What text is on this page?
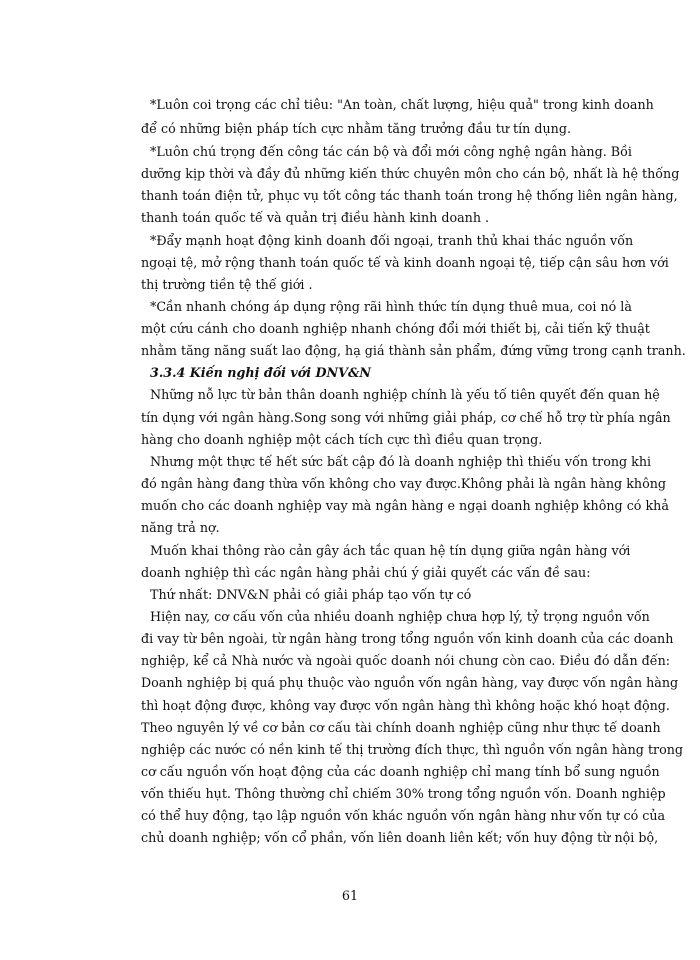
*Luôn coi trọng các chỉ tiêu: "An toàn, chất lượng, hiệu quả" trong kinh doanh
để có những biện pháp tích cực nhằm tăng trưởng đầu tư tín dụng.
*Luôn chú trọng đến công tác cán bộ và đổi mới công nghệ ngân hàng. Bồi
dưỡng kịp thời và đầy đủ những kiến thức chuyên môn cho cán bộ, nhất là hệ thống
thanh toán điện tử, phục vụ tốt công tác thanh toán trong hệ thống liên ngân hàng,
thanh toán quốc tế và quản trị điều hành kinh doanh .
*Đẩy mạnh hoạt động kinh doanh đối ngoại, tranh thủ khai thác nguồn vốn
ngoại tệ, mở rộng thanh toán quốc tế và kinh doanh ngoại tệ, tiếp cận sâu hơn với
thị trường tiền tệ thế giới .
*Cần nhanh chóng áp dụng rộng rãi hình thức tín dụng thuê mua, coi nó là
một cứu cánh cho doanh nghiệp nhanh chóng đổi mới thiết bị, cải tiến kỹ thuật
nhằm tăng năng suất lao động, hạ giá thành sản phẩm, đứng vững trong cạnh tranh.
3.3.4 Kiến nghị đối với DNV&N
Những nỗ lực từ bản thân doanh nghiệp chính là yếu tố tiên quyết đến quan hệ
tín dụng với ngân hàng.Song song với những giải pháp, cơ chế hỗ trợ từ phía ngân
hàng cho doanh nghiệp một cách tích cực thì điều quan trọng.
Nhưng một thực tế hết sức bất cập đó là doanh nghiệp thì thiếu vốn trong khi
đó ngân hàng đang thừa vốn không cho vay được.Không phải là ngân hàng không
muốn cho các doanh nghiệp vay mà ngân hàng e ngại doanh nghiệp không có khả
năng trả nợ.
Muốn khai thông rào cản gây ách tắc quan hệ tín dụng giữa ngân hàng với
doanh nghiệp thì các ngân hàng phải chú ý giải quyết các vấn đề sau:
Thứ nhất: DNV&N phải có giải pháp tạo vốn tự có
Hiện nay, cơ cấu vốn của nhiều doanh nghiệp chưa hợp lý, tỷ trọng nguồn vốn
đi vay từ bên ngoài, từ ngân hàng trong tổng nguồn vốn kinh doanh của các doanh
nghiệp, kể cả Nhà nước và ngoài quốc doanh nói chung còn cao. Điều đó dẫn đến:
Doanh nghiệp bị quá phụ thuộc vào nguồn vốn ngân hàng, vay được vốn ngân hàng
thì hoạt động được, không vay được vốn ngân hàng thì không hoặc khó hoạt động.
Theo nguyên lý về cơ bản cơ cấu tài chính doanh nghiệp cũng như thực tế doanh
nghiệp các nước có nền kinh tế thị trường đích thực, thì nguồn vốn ngân hàng trong
cơ cấu nguồn vốn hoạt động của các doanh nghiệp chỉ mang tính bổ sung nguồn
vốn thiếu hụt. Thông thường chỉ chiếm 30% trong tổng nguồn vốn. Doanh nghiệp
có thể huy động, tạo lập nguồn vốn khác nguồn vốn ngân hàng như vốn tự có của
chủ doanh nghiệp; vốn cổ phần, vốn liên doanh liên kết; vốn huy động từ nội bộ,
61
